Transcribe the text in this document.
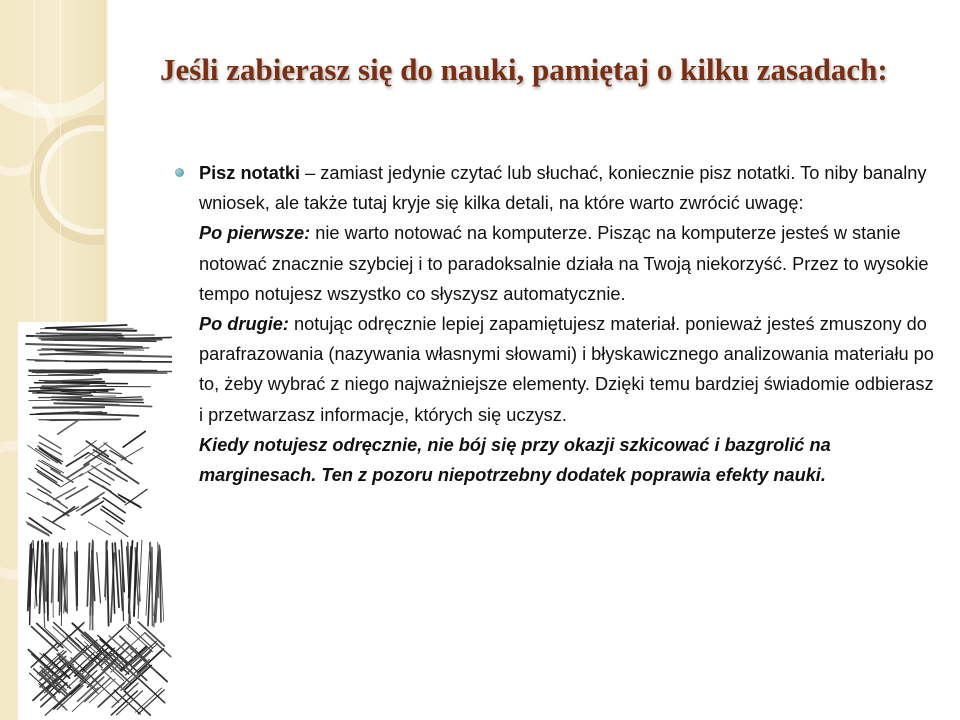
Jeśli zabierasz się do nauki, pamiętaj o kilku zasadach:

Pisz notatki – zamiast jedynie czytać lub słuchać, koniecznie pisz notatki. To niby banalny wniosek, ale także tutaj kryje się kilka detali, na które warto zwrócić uwagę:

Po pierwsze: nie warto notować na komputerze. Pisząc na komputerze jesteś w stanie notować znacznie szybciej i to paradoksalnie działa na Twoją niekorzyść. Przez to wysokie tempo notujesz wszystko co słyszysz automatycznie.

Po drugie: notując odręcznie lepiej zapamiętujesz materiał. ponieważ jesteś zmuszony do parafrazowania (nazywania własnymi słowami) i błyskawicznego analizowania materiału po to, żeby wybrać z niego najważniejsze elementy. Dzięki temu bardziej świadomie odbierasz i przetwarzasz informacje, których się uczysz.

Kiedy notujesz odręcznie, nie bój się przy okazji szkicować i bazgrolić na marginesach. Ten z pozoru niepotrzebny dodatek poprawia efekty nauki.
